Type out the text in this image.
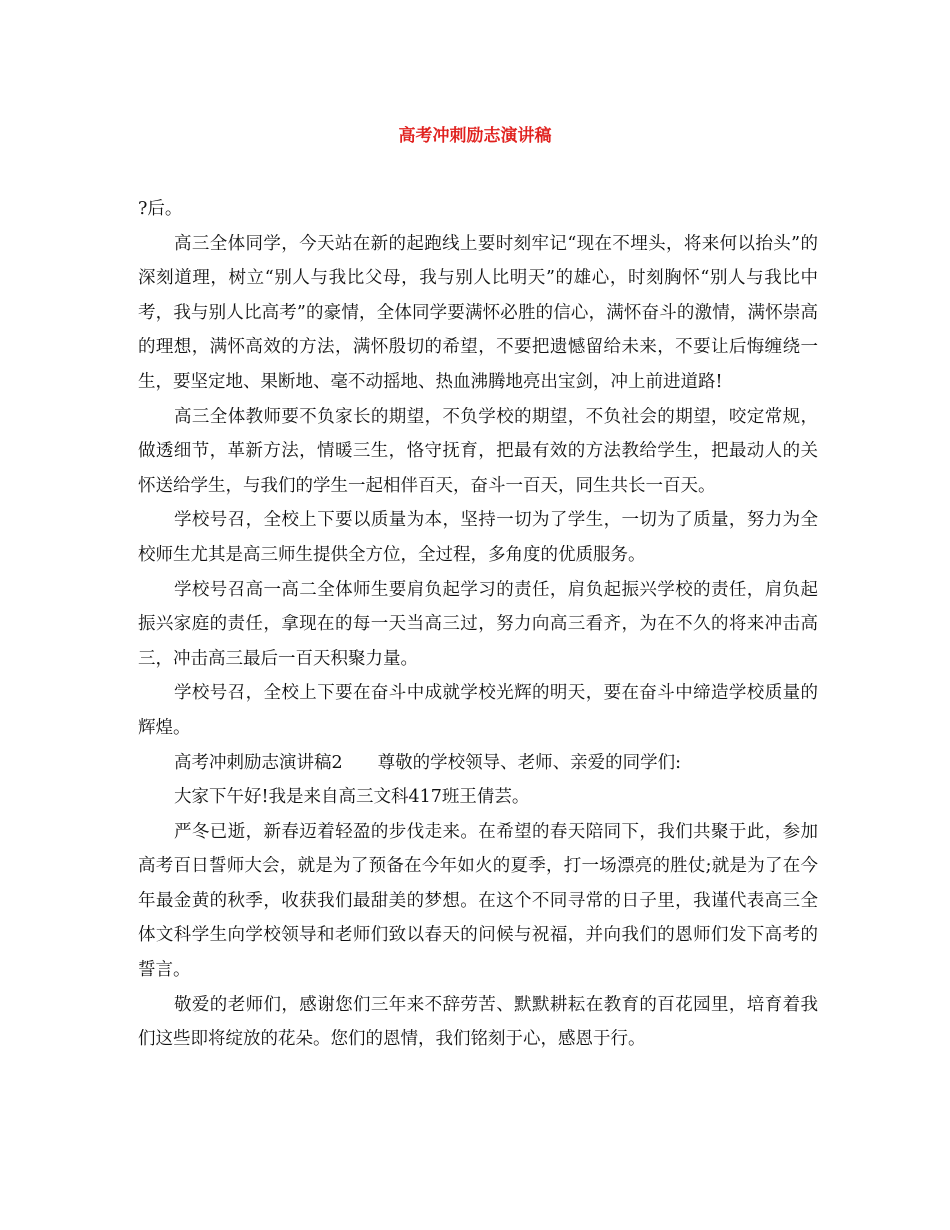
高考冲刺励志演讲稿

?后。

高三全体同学，今天站在新的起跑线上要时刻牢记“现在不埋头，将来何以抬头”的深刻道理，树立“别人与我比父母，我与别人比明天”的雄心，时刻胸怀“别人与我比中考，我与别人比高考”的豪情，全体同学要满怀必胜的信心，满怀奋斗的激情，满怀崇高的理想，满怀高效的方法，满怀殷切的希望，不要把遗憾留给未来，不要让后悔缠绕一生，要坚定地、果断地、毫不动摇地、热血沸腾地亮出宝剑，冲上前进道路!

高三全体教师要不负家长的期望，不负学校的期望，不负社会的期望，咬定常规，做透细节，革新方法，情暖三生，恪守抚育，把最有效的方法教给学生，把最动人的关怀送给学生，与我们的学生一起相伴百天，奋斗一百天，同生共长一百天。

学校号召，全校上下要以质量为本，坚持一切为了学生，一切为了质量，努力为全校师生尤其是高三师生提供全方位，全过程，多角度的优质服务。

学校号召高一高二全体师生要肩负起学习的责任，肩负起振兴学校的责任，肩负起振兴家庭的责任，拿现在的每一天当高三过，努力向高三看齐，为在不久的将来冲击高三，冲击高三最后一百天积聚力量。

学校号召，全校上下要在奋斗中成就学校光辉的明天，要在奋斗中缔造学校质量的辉煌。

高考冲刺励志演讲稿2　　尊敬的学校领导、老师、亲爱的同学们:

大家下午好!我是来自高三文科417班王倩芸。

严冬已逝，新春迈着轻盈的步伐走来。在希望的春天陪同下，我们共聚于此，参加高考百日誓师大会，就是为了预备在今年如火的夏季，打一场漂亮的胜仗;就是为了在今年最金黄的秋季，收获我们最甜美的梦想。在这个不同寻常的日子里，我谨代表高三全体文科学生向学校领导和老师们致以春天的问候与祝福，并向我们的恩师们发下高考的誓言。

敬爱的老师们，感谢您们三年来不辞劳苦、默默耕耘在教育的百花园里，培育着我们这些即将绽放的花朵。您们的恩情，我们铭刻于心，感恩于行。
